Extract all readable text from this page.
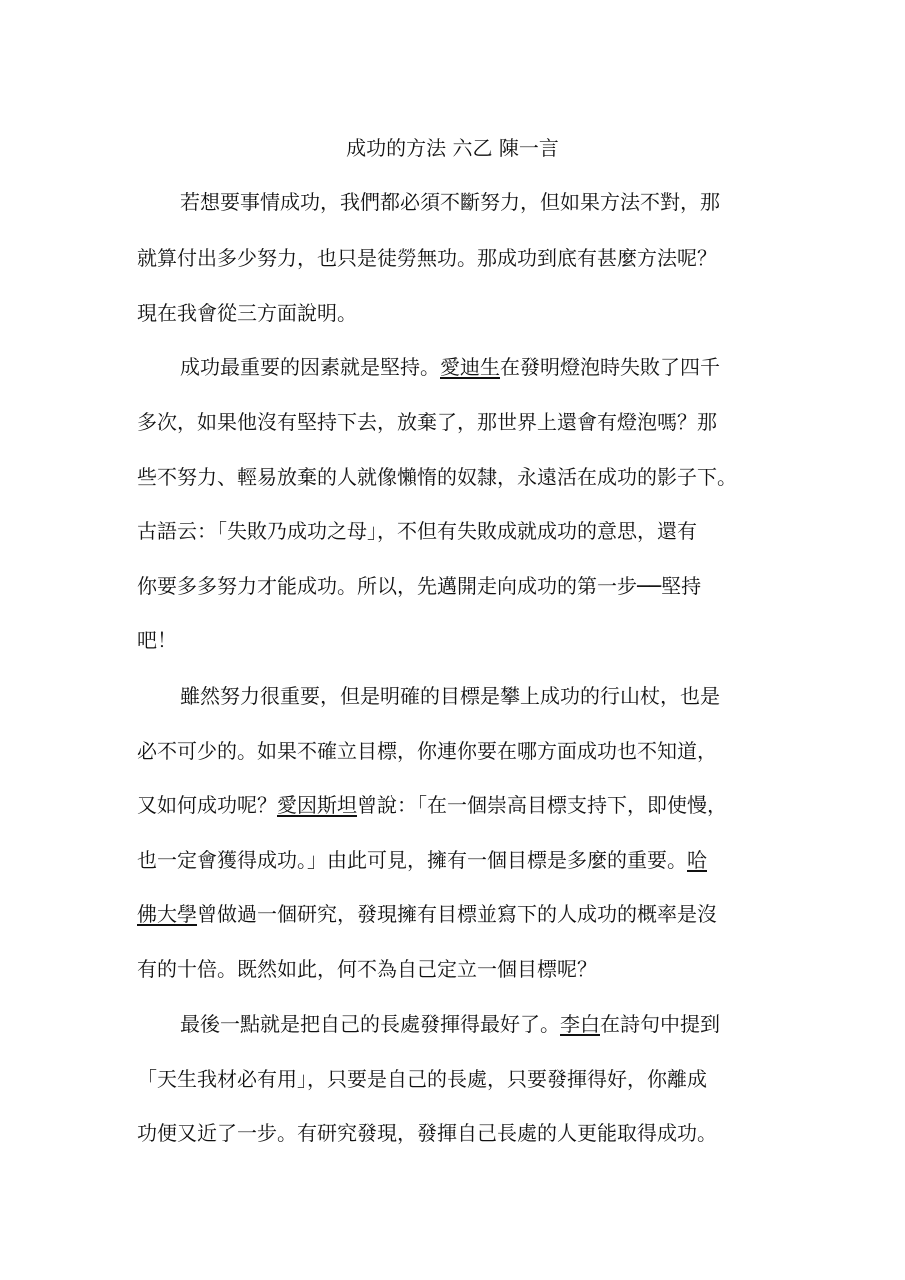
成功的方法 六乙 陳一言
若想要事情成功，我們都必須不斷努力，但如果方法不對，那
就算付出多少努力，也只是徒勞無功。那成功到底有甚麼方法呢？
現在我會從三方面說明。
成功最重要的因素就是堅持。愛迪生在發明燈泡時失敗了四千
多次，如果他沒有堅持下去，放棄了，那世界上還會有燈泡嗎？那
些不努力、輕易放棄的人就像懶惰的奴隸，永遠活在成功的影子下。
古語云：「失敗乃成功之母」，不但有失敗成就成功的意思，還有
你要多多努力才能成功。所以，先邁開走向成功的第一步──堅持
吧！
雖然努力很重要，但是明確的目標是攀上成功的行山杖，也是
必不可少的。如果不確立目標，你連你要在哪方面成功也不知道，
又如何成功呢？愛因斯坦曾說：「在一個崇高目標支持下，即使慢，
也一定會獲得成功。」由此可見，擁有一個目標是多麼的重要。哈
佛大學曾做過一個研究，發現擁有目標並寫下的人成功的概率是沒
有的十倍。既然如此，何不為自己定立一個目標呢？
最後一點就是把自己的長處發揮得最好了。李白在詩句中提到
「天生我材必有用」，只要是自己的長處，只要發揮得好，你離成
功便又近了一步。有研究發現，發揮自己長處的人更能取得成功。
